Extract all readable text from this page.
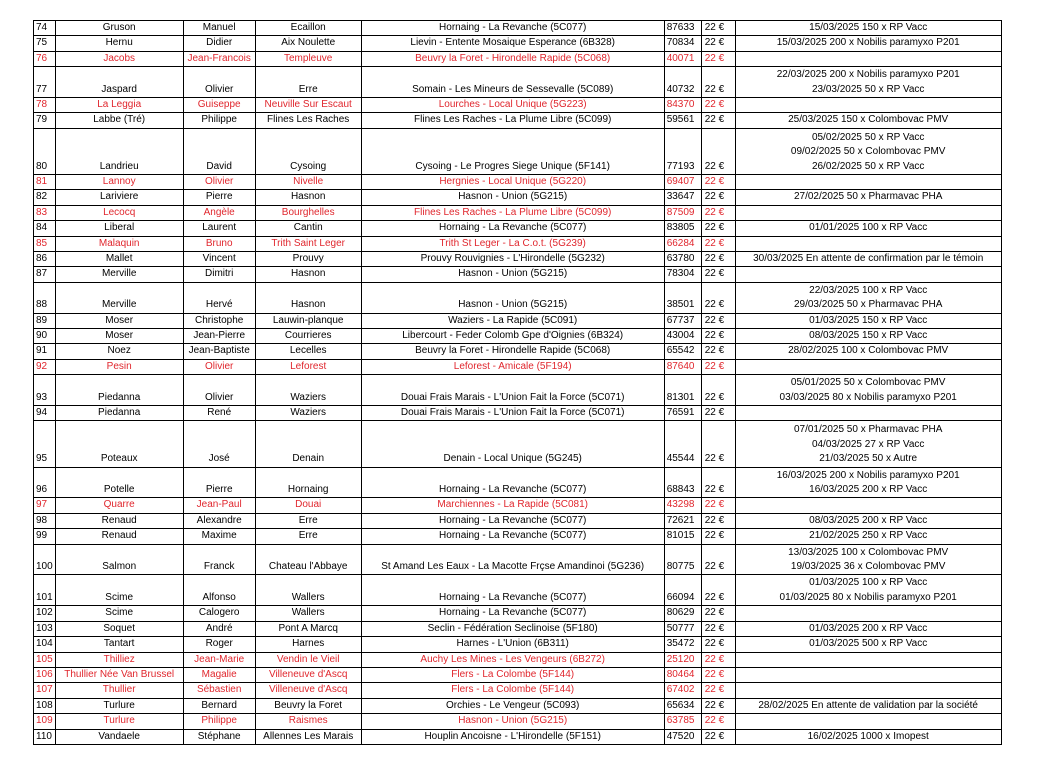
74	Gruson	Manuel	Ecaillon	Hornaing - La Revanche (5C077)	87633	22 €	15/03/2025 150 x RP Vacc

75	Hernu	Didier	Aix Noulette	Lievin - Entente Mosaique Esperance (6B328)	70834	22 €	15/03/2025 200 x Nobilis paramyxo P201

76	Jacobs	Jean-Francois	Templeuve	Beuvry la Foret - Hirondelle Rapide (5C068)	40071	22 €	
77	Jaspard	Olivier	Erre	Somain - Les Mineurs de Sessevalle (5C089)	40732	22 €	22/03/2025 200 x Nobilis paramyxo P201
23/03/2025 50 x RP Vacc

78	La Leggia	Guiseppe	Neuville Sur Escaut	Lourches - Local Unique (5G223)	84370	22 €	
79	Labbe (Tré)	Philippe	Flines Les Raches	Flines Les Raches - La Plume Libre (5C099)	59561	22 €	25/03/2025 150 x Colombovac PMV

80	Landrieu	David	Cysoing	Cysoing - Le Progres Siege Unique (5F141)	77193	22 €	05/02/2025 50 x RP Vacc
09/02/2025 50 x Colombovac PMV
26/02/2025 50 x RP Vacc

81	Lannoy	Olivier	Nivelle	Hergnies - Local Unique (5G220)	69407	22 €	
82	Lariviere	Pierre	Hasnon	Hasnon - Union (5G215)	33647	22 €	27/02/2025 50 x Pharmavac PHA

83	Lecocq	Angèle	Bourghelles	Flines Les Raches - La Plume Libre (5C099)	87509	22 €	
84	Liberal	Laurent	Cantin	Hornaing - La Revanche (5C077)	83805	22 €	01/01/2025 100 x RP Vacc

85	Malaquin	Bruno	Trith Saint Leger	Trith St Leger - La C.o.t. (5G239)	66284	22 €	
86	Mallet	Vincent	Prouvy	Prouvy Rouvignies - L'Hirondelle (5G232)	63780	22 €	30/03/2025 En attente de confirmation par le témoin

87	Merville	Dimitri	Hasnon	Hasnon - Union (5G215)	78304	22 €	
88	Merville	Hervé	Hasnon	Hasnon - Union (5G215)	38501	22 €	22/03/2025 100 x RP Vacc
29/03/2025 50 x Pharmavac PHA

89	Moser	Christophe	Lauwin-planque	Waziers - La Rapide (5C091)	67737	22 €	01/03/2025 150 x RP Vacc

90	Moser	Jean-Pierre	Courrieres	Libercourt - Feder Colomb Gpe d'Oignies (6B324)	43004	22 €	08/03/2025 150 x RP Vacc

91	Noez	Jean-Baptiste	Lecelles	Beuvry la Foret - Hirondelle Rapide (5C068)	65542	22 €	28/02/2025 100 x Colombovac PMV

92	Pesin	Olivier	Leforest	Leforest - Amicale (5F194)	87640	22 €	
93	Piedanna	Olivier	Waziers	Douai Frais Marais - L'Union Fait la Force (5C071)	81301	22 €	05/01/2025 50 x Colombovac PMV
03/03/2025 80 x Nobilis paramyxo P201

94	Piedanna	René	Waziers	Douai Frais Marais - L'Union Fait la Force (5C071)	76591	22 €	
95	Poteaux	José	Denain	Denain - Local Unique (5G245)	45544	22 €	07/01/2025 50 x Pharmavac PHA
04/03/2025 27 x RP Vacc
21/03/2025 50 x Autre

96	Potelle	Pierre	Hornaing	Hornaing - La Revanche (5C077)	68843	22 €	16/03/2025 200 x Nobilis paramyxo P201
16/03/2025 200 x RP Vacc

97	Quarre	Jean-Paul	Douai	Marchiennes - La Rapide (5C081)	43298	22 €	
98	Renaud	Alexandre	Erre	Hornaing - La Revanche (5C077)	72621	22 €	08/03/2025 200 x RP Vacc

99	Renaud	Maxime	Erre	Hornaing - La Revanche (5C077)	81015	22 €	21/02/2025 250 x RP Vacc

100	Salmon	Franck	Chateau l'Abbaye	St Amand Les Eaux - La Macotte Frçse Amandinoi (5G236)	80775	22 €	13/03/2025 100 x Colombovac PMV
19/03/2025 36 x Colombovac PMV

101	Scime	Alfonso	Wallers	Hornaing - La Revanche (5C077)	66094	22 €	01/03/2025 100 x RP Vacc
01/03/2025 80 x Nobilis paramyxo P201

102	Scime	Calogero	Wallers	Hornaing - La Revanche (5C077)	80629	22 €	
103	Soquet	André	Pont A Marcq	Seclin - Fédération Seclinoise (5F180)	50777	22 €	01/03/2025 200 x RP Vacc

104	Tantart	Roger	Harnes	Harnes - L'Union (6B311)	35472	22 €	01/03/2025 500 x RP Vacc

105	Thilliez	Jean-Marie	Vendin le Vieil	Auchy Les Mines - Les Vengeurs (6B272)	25120	22 €	
106	Thullier Née Van Brussel	Magalie	Villeneuve d'Ascq	Flers - La Colombe (5F144)	80464	22 €	
107	Thullier	Sébastien	Villeneuve d'Ascq	Flers - La Colombe (5F144)	67402	22 €	
108	Turlure	Bernard	Beuvry la Foret	Orchies - Le Vengeur (5C093)	65634	22 €	28/02/2025 En attente de validation par la société

109	Turlure	Philippe	Raismes	Hasnon - Union (5G215)	63785	22 €	
110	Vandaele	Stéphane	Allennes Les Marais	Houplin Ancoisne - L'Hirondelle (5F151)	47520	22 €	16/02/2025 1000 x Imopest
